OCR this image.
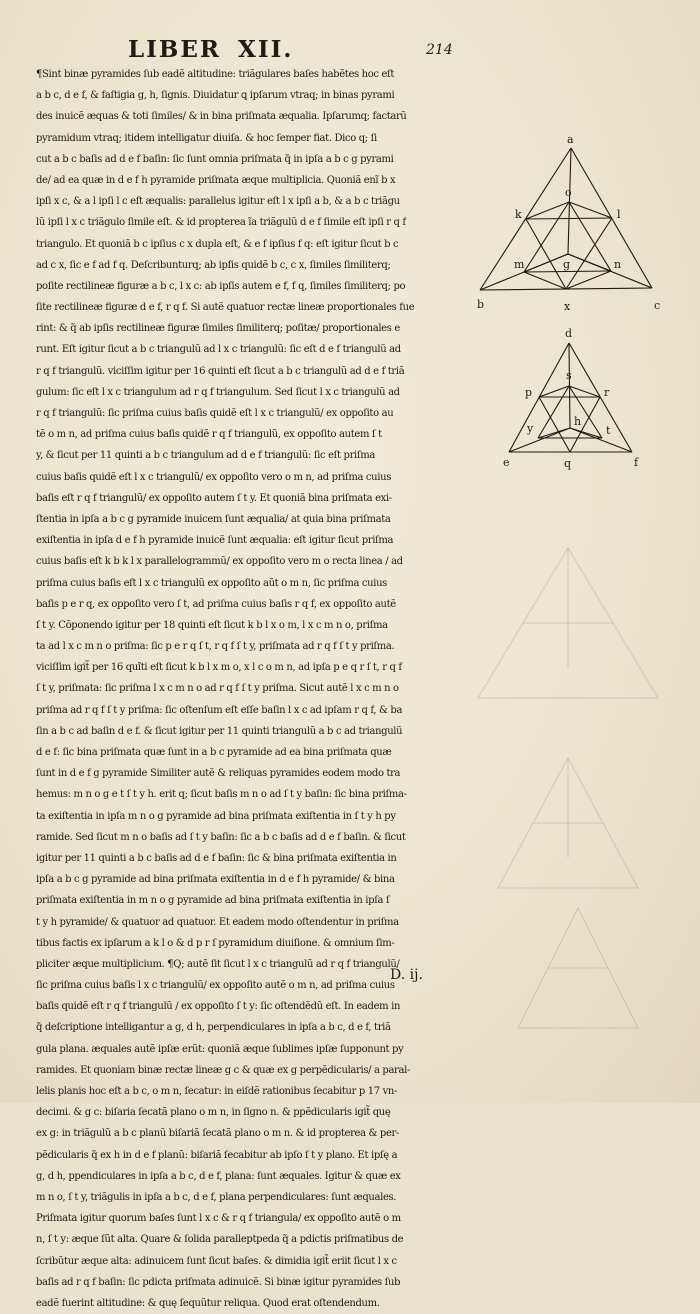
LIBER XII.	214
¶Sint binæ pyramides ſub eadẽ altitudine: triãgulares baſes habẽtes hoc eſt
a b c, d e f, & faſtigia g, h, ſignis. Diuidatur ꝗ ipſarum vtraq; in binas pyrami
des inuicẽ æquas & toti ſimiles/ & in bina priſmata æqualia. Ipſarumq; factarũ
pyramidum vtraq; itidem intelligatur diuiſa. & hoc ſemper fiat. Dico q; ſi
cut a b c baſis ad d e f baſin: ſic ſunt omnia priſmata q̃ in ipſa a b c g pyrami
de/ ad ea quæ in d e f h pyramide priſmata æque multiplicia. Quoniã enĩ b x
ipſi x c, & a l ipſi l c eſt æqualis: parallelus igitur eſt l x ipſi a b, & a b c triãgu
lũ ipſi l x c triãgulo ſimile eſt. & id propterea ĩa triãgulũ d e f ſimile eſt ipſi r q f
triangulo. Et quoniã b c ipſius c x dupla eſt, & e f ipſius f q: eſt igitur ſicut b c
ad c x, ſic e f ad f q. Deſcribunturq; ab ipſis quidẽ b c, c x, ſimiles ſimiliterq;
poſite rectilineæ figuræ a b c, l x c: ab ipſis autem e f, f q, ſimiles ſimiliterq; po
ſite rectilineæ figuræ d e f, r q f. Si autẽ quatuor rectæ lineæ proportionales fue
rint: & q̃ ab ipſis rectilineæ figuræ ſimiles ſimiliterq; poſitæ/ proportionales e
runt. Eſt igitur ſicut a b c triangulũ ad l x c triangulũ: ſic eſt d e f triangulũ ad
r q f triangulũ. viciſſim igitur per 16 quinti eſt ſicut a b c triangulũ ad d e f triã
gulum: ſic eſt l x c triangulum ad r q f triangulum. Sed ſicut l x c triangulũ ad
r q f triangulũ: ſic priſma cuius baſis quidẽ eſt l x c triangulũ/ ex oppoſito au
tẽ o m n, ad priſma cuius baſis quidẽ r q f triangulũ, ex oppoſito autem ſ t
y, & ſicut per 11 quinti a b c triangulum ad d e f triangulũ: ſic eſt priſma
cuius baſis quidẽ eſt l x c triangulũ/ ex oppoſito vero o m n, ad priſma cuius
baſis eſt r q f triangulũ/ ex oppoſito autem ſ t y. Et quoniã bina priſmata exi-
ſtentia in ipſa a b c g pyramide inuicem ſunt æqualia/ at quia bina priſmata
exiſtentia in ipſa d e f h pyramide inuicẽ ſunt æqualia: eſt igitur ſicut priſma
cuius baſis eſt k b k l x parallelogrammũ/ ex oppoſito vero m o recta linea / ad
priſma cuius baſis eſt l x c triangulũ ex oppoſito aũt o m n, ſic priſma cuius
baſis p e r q, ex oppoſito vero ſ t, ad priſma cuius baſis r q f, ex oppoſito autẽ
ſ t y. Cõponendo igitur per 18 quinti eſt ſicut k b l x o m, l x c m n o, priſma
ta ad l x c m n o priſma: ſic p e r q ſ t, r q f ſ t y, priſmata ad r q f ſ t y priſma.
viciſſim igit̃ per 16 quĩti eſt ſicut k b l x m o, x l c o m n, ad ipſa p e q r ſ t, r q f
ſ t y, priſmata: ſic priſma l x c m n o ad r q f ſ t y priſma. Sicut autẽ l x c m n o
priſma ad r q f ſ t y priſma: ſic oſtenſum eſt eſſe baſin l x c ad ipſam r q f, & ba
ſin a b c ad baſin d e f. & ſicut igitur per 11 quinti triangulũ a b c ad triangulũ
d e f: ſic bina priſmata quæ ſunt in a b c pyramide ad ea bina priſmata quæ
ſunt in d e f g pyramide Similiter autẽ & reliquas pyramides eodem modo tra
hemus: m n o g e t ſ t y h. erit q; ſicut baſis m n o ad ſ t y baſin: ſic bina priſma-
ta exiſtentia in ipſa m n o g pyramide ad bina priſmata exiſtentia in ſ t y h py
ramide. Sed ſicut m n o baſis ad ſ t y baſin: ſic a b c baſis ad d e f baſin. & ſicut
igitur per 11 quinti a b c baſis ad d e f baſin: ſic & bina priſmata exiſtentia in
ipſa a b c g pyramide ad bina priſmata exiſtentia in d e f h pyramide/ & bina
priſmata exiſtentia in m n o g pyramide ad bina priſmata exiſtentia in ipſa ſ
t y h pyramide/ & quatuor ad quatuor. Et eadem modo oſtendentur in priſma
tibus factis ex ipſarum a k l o & d p r ſ pyramidum diuiſione. & omnium ſim-
pliciter æque multiplicium. ¶Q; autẽ ſit ſicut l x c triangulũ ad r q f triangulũ/
ſic priſma cuius baſis l x c triangulũ/ ex oppoſito autẽ o m n, ad priſma cuius
baſis quidẽ eſt r q f triangulũ / ex oppoſito ſ t y: ſic oſtendẽdũ eſt. In eadem in
q̃ deſcriptione intelligantur a g, d h, perpendiculares in ipſa a b c, d e f, triã
gula plana. æquales autẽ ipſæ erũt: quoniã æque ſublimes ipſæ ſupponunt py
ramides. Et quoniam binæ rectæ lineæ g c & quæ ex g perpẽdicularis/ a paral-
lelis planis hoc eſt a b c, o m n, ſecatur: in eiſdẽ rationibus ſecabitur p 17 vn-
decimi. & g c: biſaria ſecatã plano o m n, in ſigno n. & ppẽdicularis igit̃ quę
ex g: in triãgulũ a b c planũ biſariã ſecatã plano o m n. & id propterea & per-
pẽdicularis q̃ ex h in d e f planũ: biſariã ſecabitur ab ipſo ſ t y plano. Et ipſę a
g, d h, ppendiculares in ipſa a b c, d e f, plana: ſunt æquales. Igitur & quæ ex
m n o, ſ t y, triãgulis in ipſa a b c, d e f, plana perpendiculares: ſunt æquales.
Priſmata igitur quorum baſes ſunt l x c & r q f triangula/ ex oppoſito autẽ o m
n, ſ t y: æque ſũt alta. Quare & ſolida paralleptpeda q̃ a pdictis priſmatibus de
ſcribũtur æque alta: adinuicem ſunt ſicut baſes. & dimidia igit̃ eriit ſicut l x c
baſis ad r q f baſin: ſic pdicta priſmata adinuicẽ. Si binæ igitur pyramides ſub
eadẽ fuerint altitudine: & quę ſequũtur reliqua. Quod erat oſtendendum.
D. ij.
a
o
k	l
m	g	n
b	x	c
d
s
p	r
y
h
t
e	q	f
